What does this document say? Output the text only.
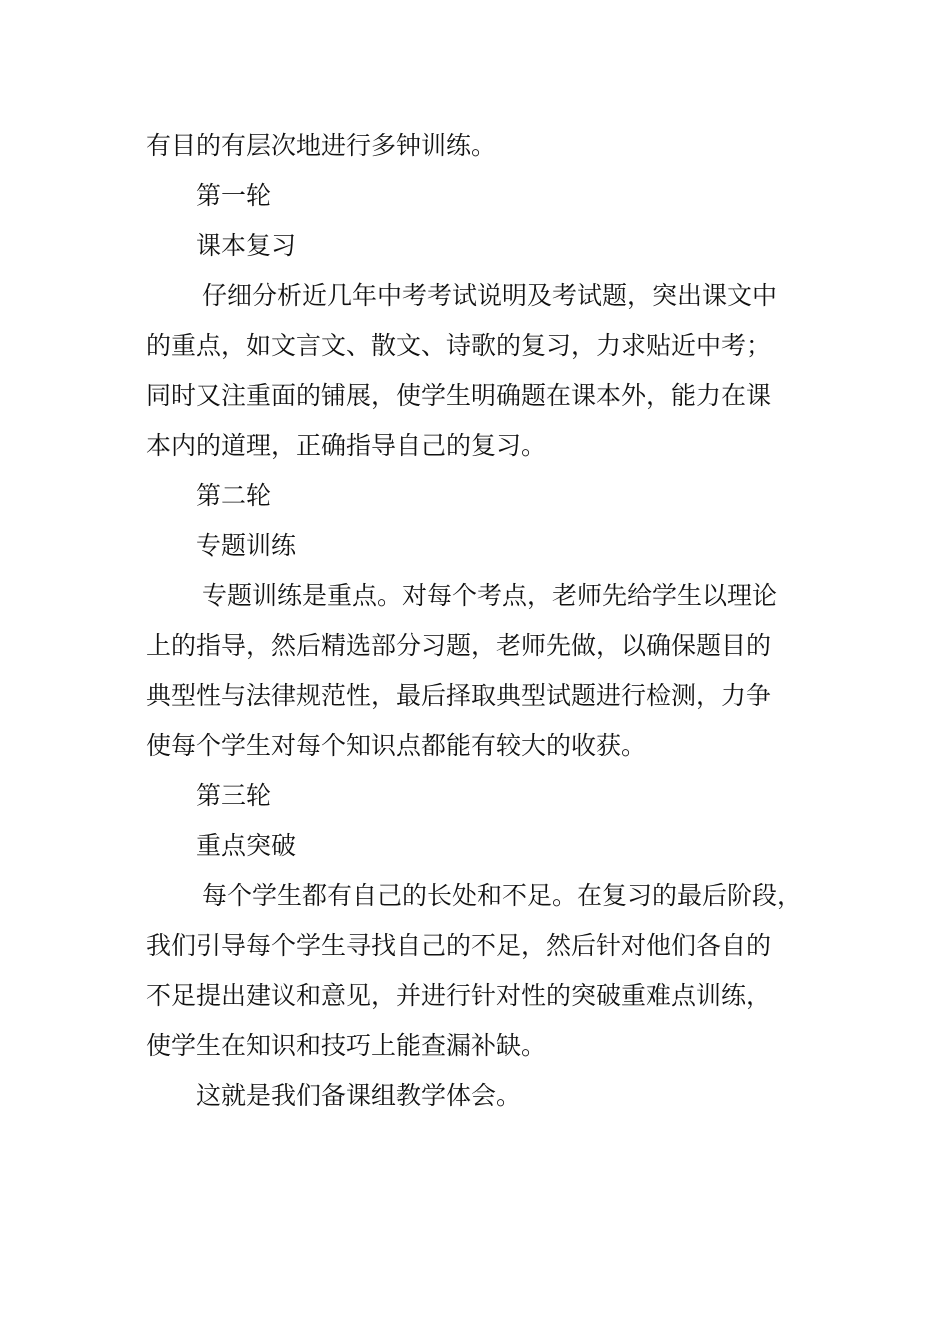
有目的有层次地进行多钟训练。
第一轮
课本复习
仔细分析近几年中考考试说明及考试题，突出课文中
的重点，如文言文、散文、诗歌的复习，力求贴近中考；
同时又注重面的铺展，使学生明确题在课本外，能力在课
本内的道理，正确指导自己的复习。
第二轮
专题训练
专题训练是重点。对每个考点，老师先给学生以理论
上的指导，然后精选部分习题，老师先做，以确保题目的
典型性与法律规范性，最后择取典型试题进行检测，力争
使每个学生对每个知识点都能有较大的收获。
第三轮
重点突破
每个学生都有自己的长处和不足。在复习的最后阶段，
我们引导每个学生寻找自己的不足，然后针对他们各自的
不足提出建议和意见，并进行针对性的突破重难点训练，
使学生在知识和技巧上能查漏补缺。
这就是我们备课组教学体会。
